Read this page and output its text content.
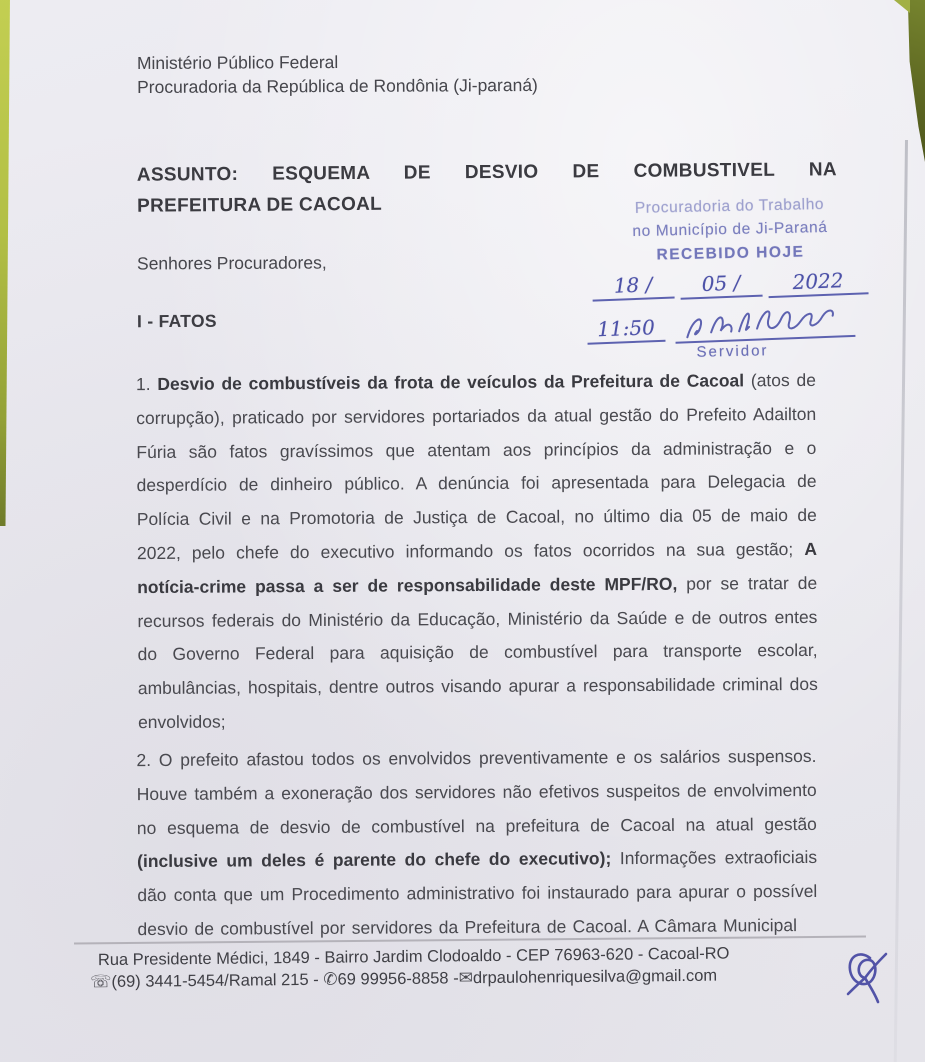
Ministério Público Federal
Procuradoria da República de Rondônia (Ji-paraná)
ASSUNTO: ESQUEMA DE DESVIO DE COMBUSTIVEL NA
PREFEITURA DE CACOAL	Procuradoria do Trabalho
no Município de Ji-Paraná
RECEBIDO HOJE
18 /	05 /	2022
11:50
Servidor
Senhores Procuradores,
I - FATOS
1. Desvio de combustíveis da frota de veículos da Prefeitura de Cacoal (atos de corrupção), praticado por servidores portariados da atual gestão do Prefeito Adailton Fúria são fatos gravíssimos que atentam aos princípios da administração e o desperdício de dinheiro público. A denúncia foi apresentada para Delegacia de Polícia Civil e na Promotoria de Justiça de Cacoal, no último dia 05 de maio de 2022, pelo chefe do executivo informando os fatos ocorridos na sua gestão; A notícia-crime passa a ser de responsabilidade deste MPF/RO, por se tratar de recursos federais do Ministério da Educação, Ministério da Saúde e de outros entes do Governo Federal para aquisição de combustível para transporte escolar, ambulâncias, hospitais, dentre outros visando apurar a responsabilidade criminal dos envolvidos;
2. O prefeito afastou todos os envolvidos preventivamente e os salários suspensos. Houve também a exoneração dos servidores não efetivos suspeitos de envolvimento no esquema de desvio de combustível na prefeitura de Cacoal na atual gestão (inclusive um deles é parente do chefe do executivo); Informações extraoficiais dão conta que um Procedimento administrativo foi instaurado para apurar o possível desvio de combustível por servidores da Prefeitura de Cacoal. A Câmara Municipal
Rua Presidente Médici, 1849 - Bairro Jardim Clodoaldo - CEP 76963-620 - Cacoal-RO
☏(69) 3441-5454/Ramal 215 - ✆69 99956-8858 -✉drpaulohenriquesilva@gmail.com
